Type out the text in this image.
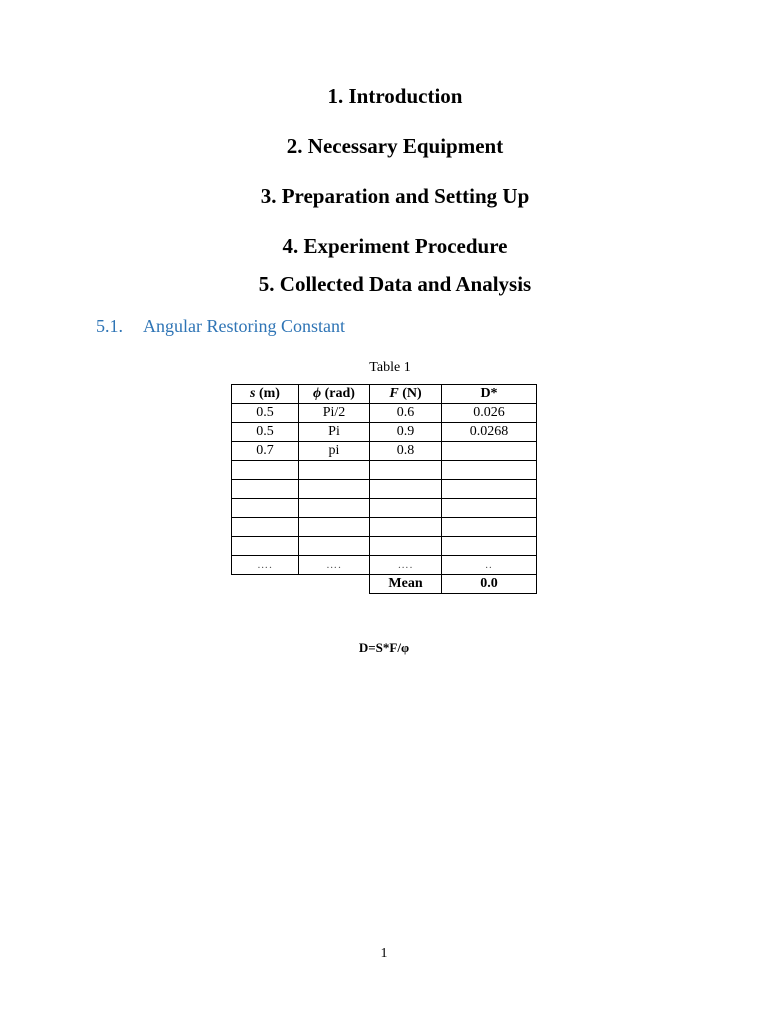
1. Introduction
2. Necessary Equipment
3. Preparation and Setting Up
4. Experiment Procedure
5. Collected Data and Analysis
5.1. Angular Restoring Constant
Table 1
s (m)	ϕ (rad)	F (N)	D*
0.5	Pi/2	0.6	0.026
0.5	Pi	0.9	0.0268
0.7	pi	0.8	

….	….	….	..
		Mean	0.0
D=S*F/φ
1
